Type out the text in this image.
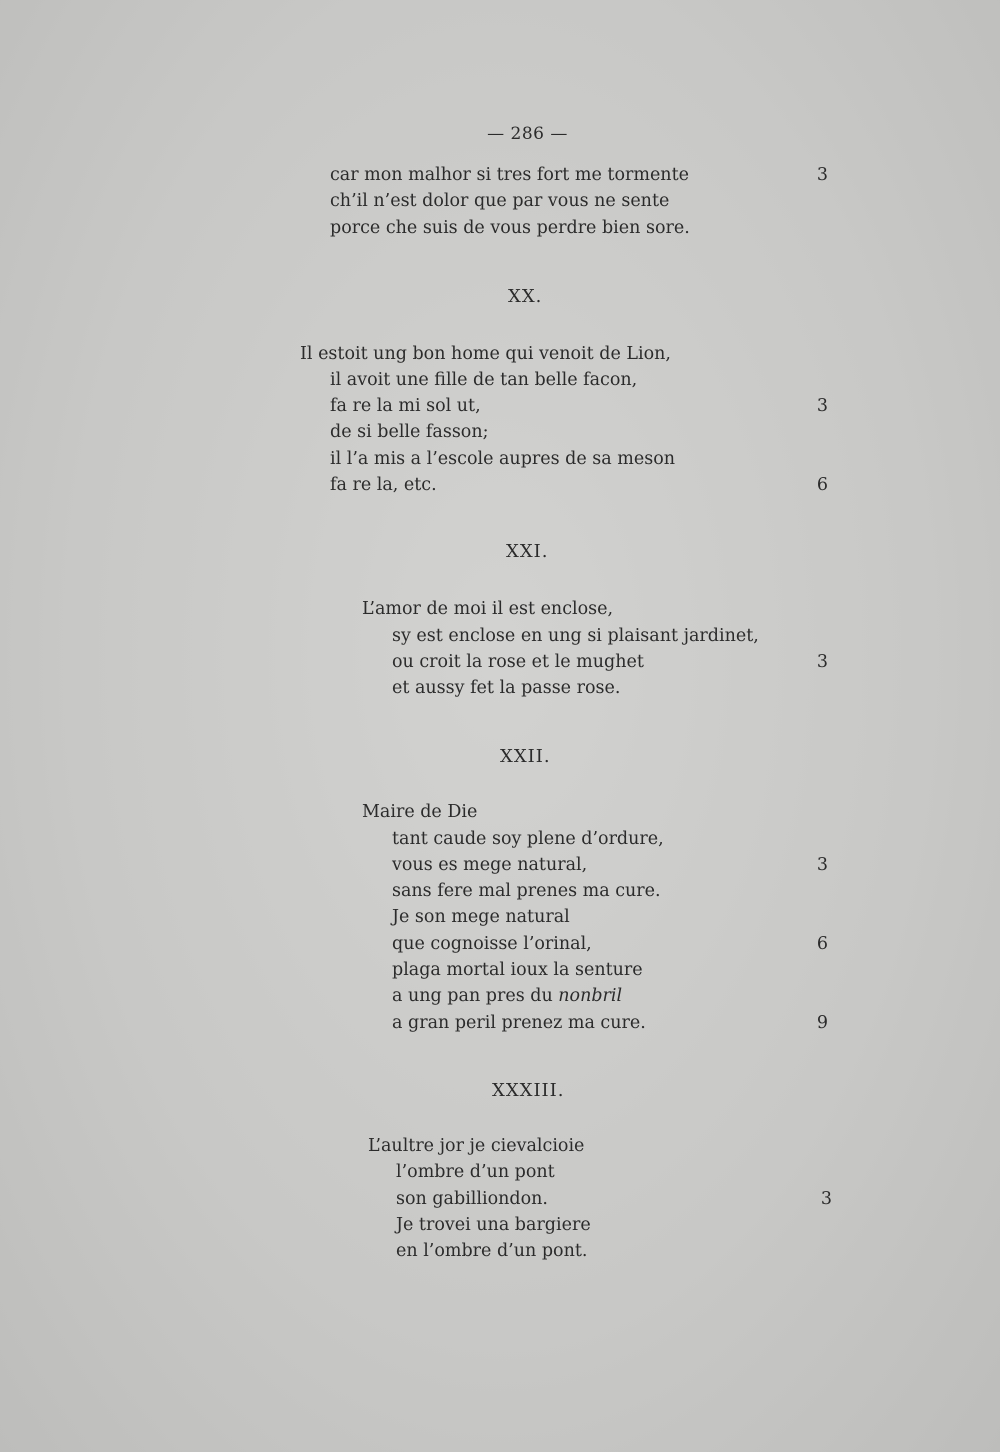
— 286 —
car mon malhor si tres fort me tormente	3
ch’il n’est dolor que par vous ne sente
porce che suis de vous perdre bien sore.
XX.
Il estoit ung bon home qui venoit de Lion,
il avoit une fille de tan belle facon,
fa re la mi sol ut,	3
de si belle fasson;
il l’a mis a l’escole aupres de sa meson
fa re la, etc.	6
XXI.
L’amor de moi il est enclose,
sy est enclose en ung si plaisant jardinet,
ou croit la rose et le mughet	3
et aussy fet la passe rose.
XXII.
Maire de Die
tant caude soy plene d’ordure,
vous es mege natural,	3
sans fere mal prenes ma cure.
Je son mege natural
que cognoisse l’orinal,	6
plaga mortal ioux la senture
a ung pan pres du nonbril
a gran peril prenez ma cure.	9
XXXIII.
L’aultre jor je cievalcioie
l’ombre d’un pont
son gabilliondon.	3
Je trovei una bargiere
en l’ombre d’un pont.
